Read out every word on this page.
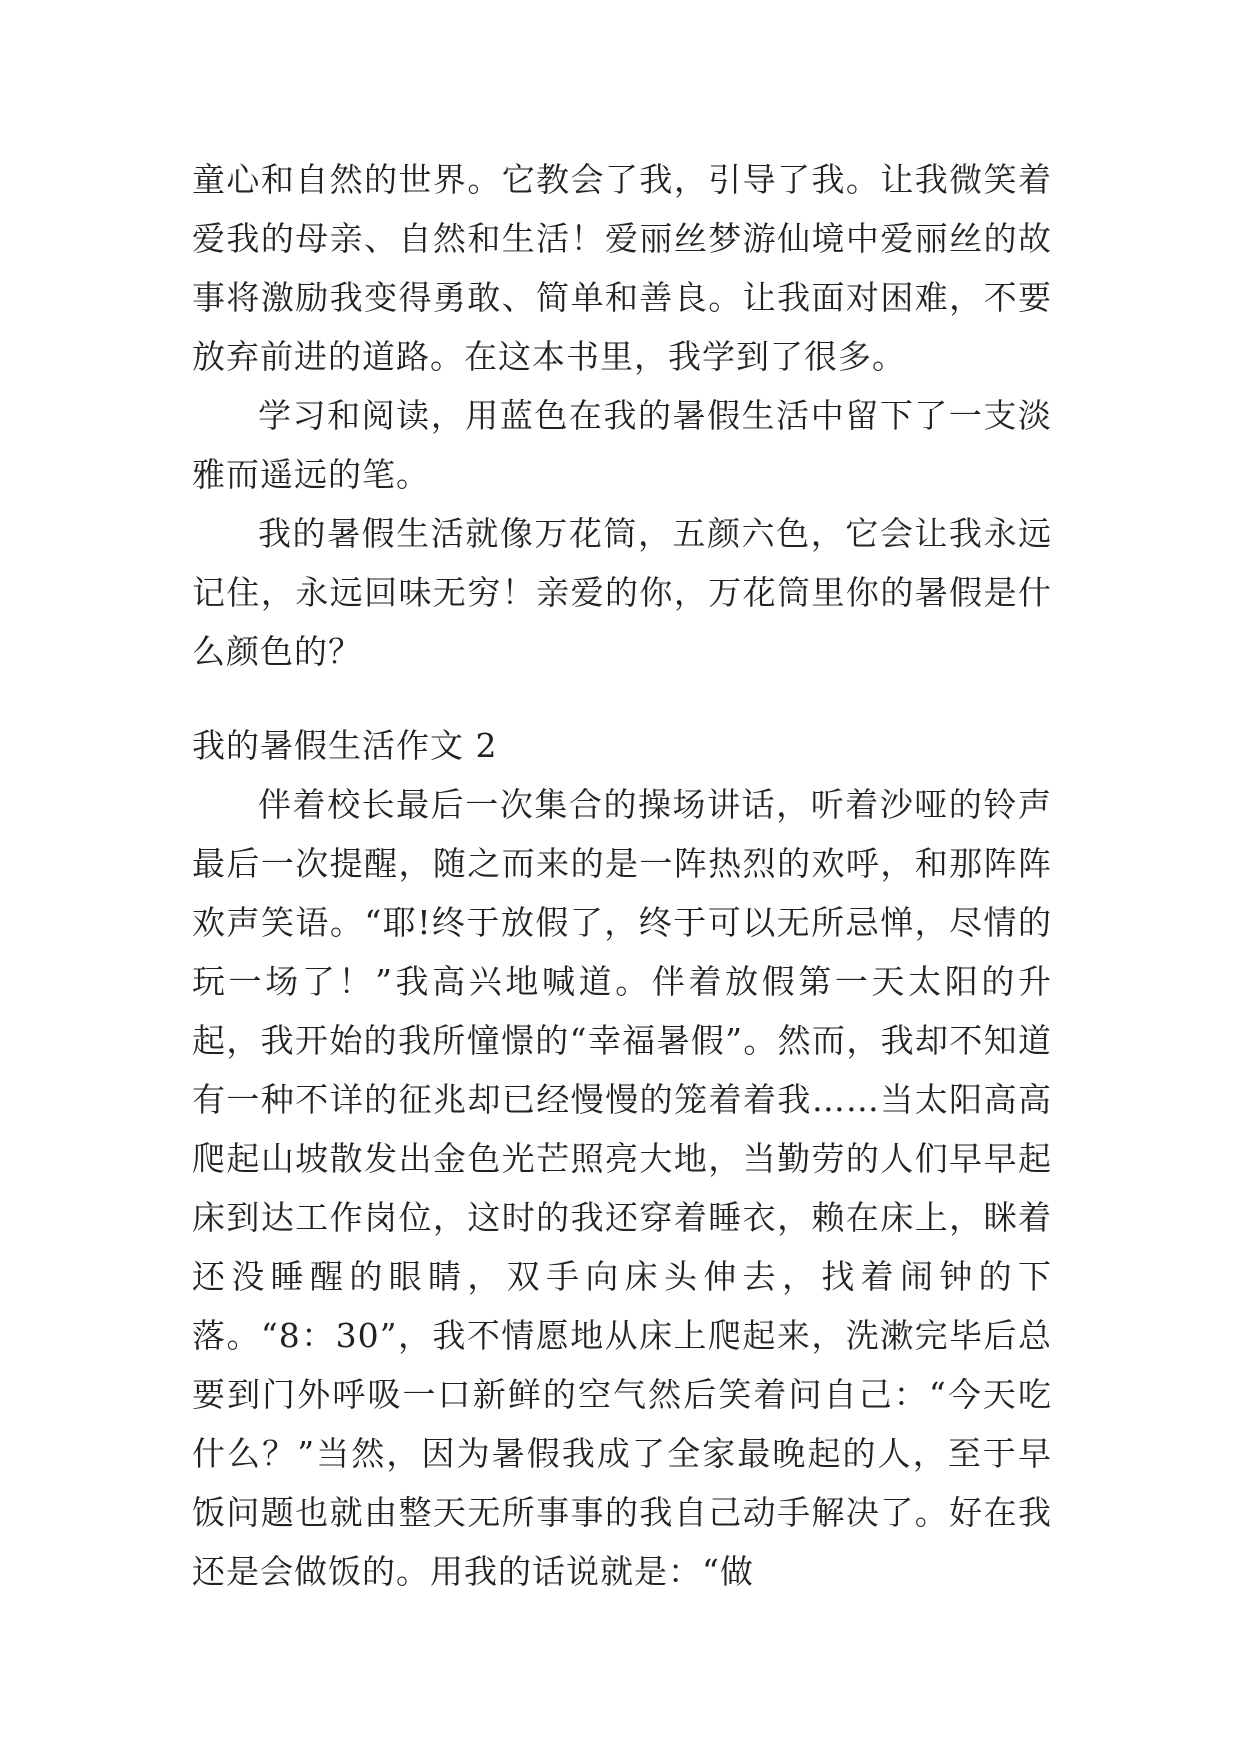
童心和自然的世界。它教会了我，引导了我。让我微笑着爱我的母亲、自然和生活！爱丽丝梦游仙境中爱丽丝的故事将激励我变得勇敢、简单和善良。让我面对困难，不要放弃前进的道路。在这本书里，我学到了很多。

学习和阅读，用蓝色在我的暑假生活中留下了一支淡雅而遥远的笔。

我的暑假生活就像万花筒，五颜六色，它会让我永远记住，永远回味无穷！亲爱的你，万花筒里你的暑假是什么颜色的？

我的暑假生活作文 2

伴着校长最后一次集合的操场讲话，听着沙哑的铃声最后一次提醒，随之而来的是一阵热烈的欢呼，和那阵阵欢声笑语。“耶!终于放假了，终于可以无所忌惮，尽情的玩一场了！”我高兴地喊道。伴着放假第一天太阳的升起，我开始的我所憧憬的“幸福暑假”。然而，我却不知道有一种不详的征兆却已经慢慢的笼着着我……当太阳高高爬起山坡散发出金色光芒照亮大地，当勤劳的人们早早起床到达工作岗位，这时的我还穿着睡衣，赖在床上，眯着还没睡醒的眼睛，双手向床头伸去，找着闹钟的下落。“8：30”，我不情愿地从床上爬起来，洗漱完毕后总要到门外呼吸一口新鲜的空气然后笑着问自己：“今天吃什么？”当然，因为暑假我成了全家最晚起的人，至于早饭问题也就由整天无所事事的我自己动手解决了。好在我还是会做饭的。用我的话说就是：“做
